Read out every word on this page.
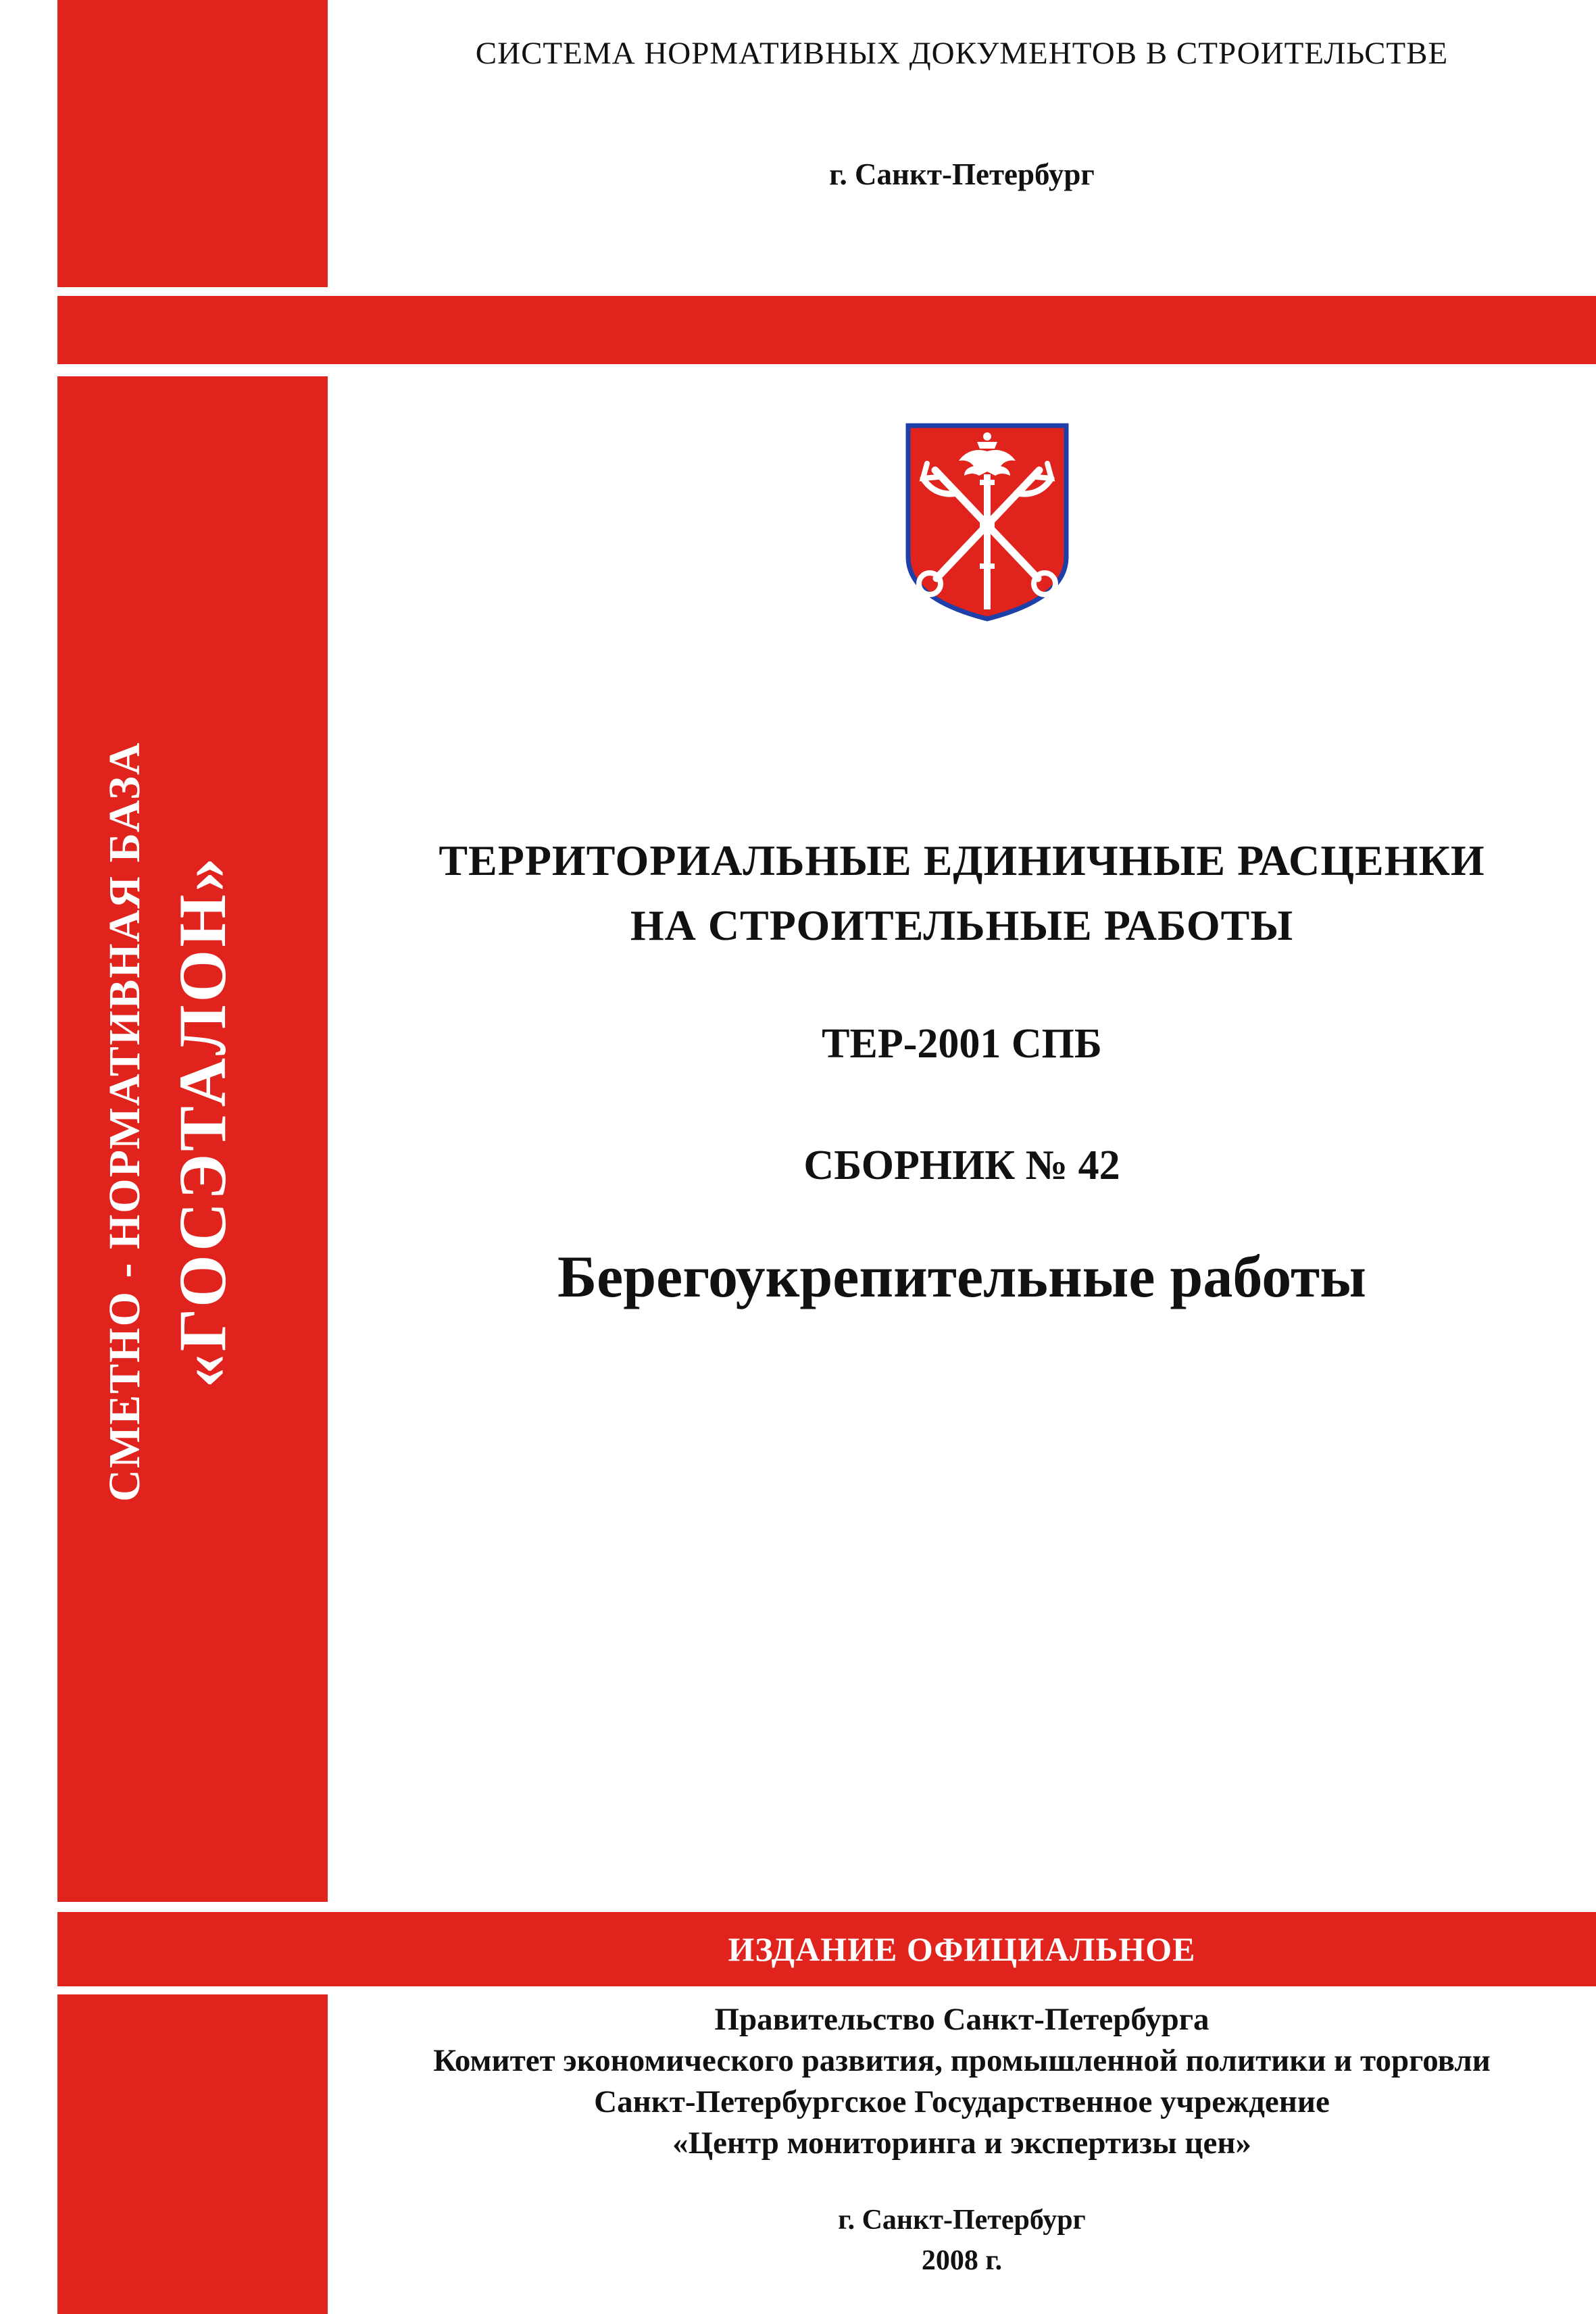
СИСТЕМА НОРМАТИВНЫХ ДОКУМЕНТОВ В СТРОИТЕЛЬСТВЕ
г. Санкт-Петербург
СМЕТНО - НОРМАТИВНАЯ БАЗА «ГОСЭТАЛОН»	ТЕРРИТОРИАЛЬНЫЕ ЕДИНИЧНЫЕ РАСЦЕНКИ
НА СТРОИТЕЛЬНЫЕ РАБОТЫ
ТЕР-2001 СПБ
СБОРНИК № 42
Берегоукрепительные работы
ИЗДАНИЕ ОФИЦИАЛЬНОЕ
Правительство Санкт-Петербурга
Комитет экономического развития, промышленной политики и торговли
Санкт-Петербургское Государственное учреждение
«Центр мониторинга и экспертизы цен»
г. Санкт-Петербург
2008 г.
